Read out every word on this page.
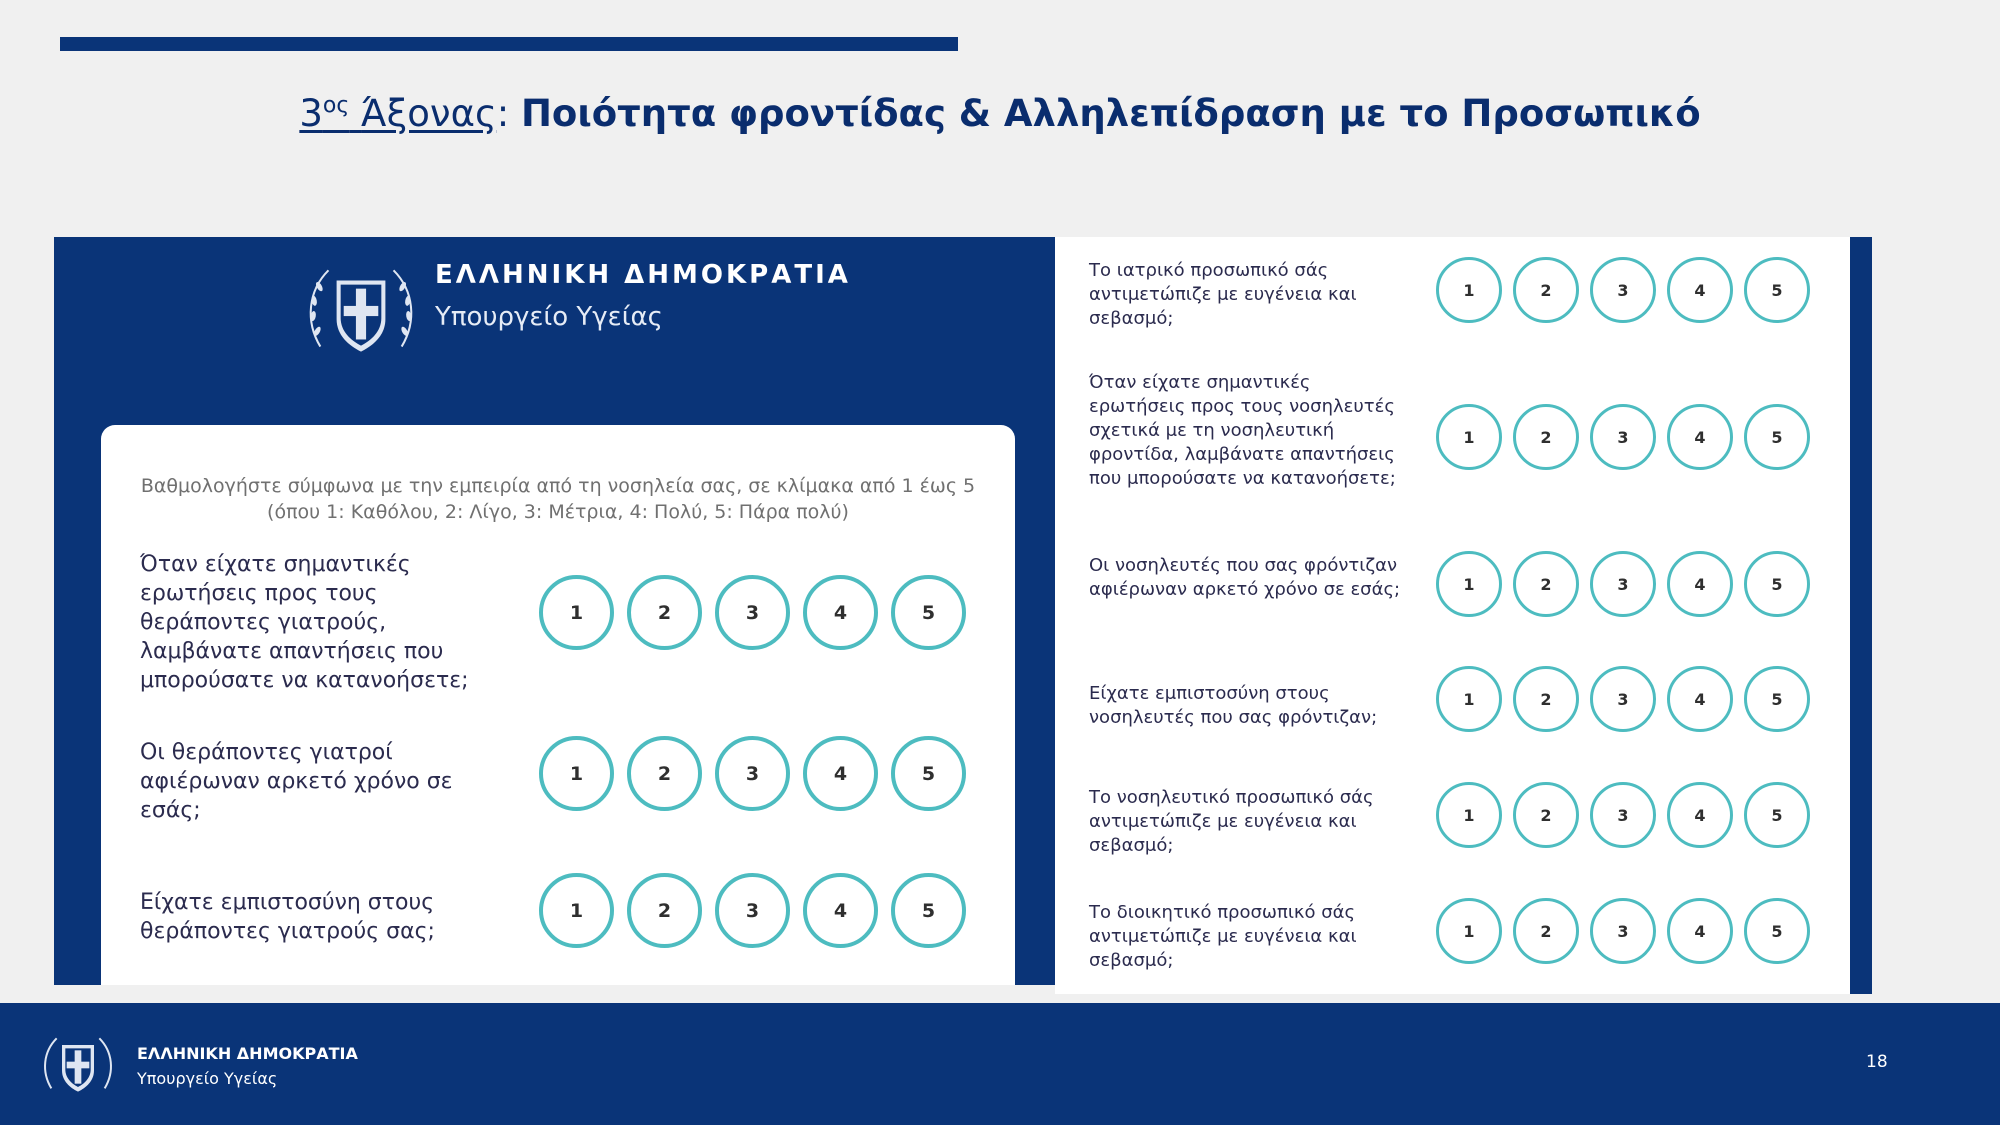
$3^{o\varsigma}$ Άξονας: Ποιότητα φροντίδας & Αλληλεπίδραση με το Προσωπικό
ΕΛΛΗΝΙΚΗ ΔΗΜΟΚΡΑΤΙΑ
Υπουργείο Υγείας
Βαθμολογήστε σύμφωνα με την εμπειρία από τη νοσηλεία σας, σε κλίμακα από 1 έως 5
(όπου 1: Καθόλου, 2: Λίγο, 3: Μέτρια, 4: Πολύ, 5: Πάρα πολύ)
Όταν είχατε σημαντικές ερωτήσεις προς τους θεράποντες γιατρούς, λαμβάνατε απαντήσεις που μπορούσατε να κατανοήσετε;
1	2	3	4	5
Οι θεράποντες γιατροί αφιέρωναν αρκετό χρόνο σε εσάς;
1	2	3	4	5
Είχατε εμπιστοσύνη στους θεράποντες γιατρούς σας;
1	2	3	4	5
Το ιατρικό προσωπικό σάς αντιμετώπιζε με ευγένεια και σεβασμό;
1	2	3	4	5
Όταν είχατε σημαντικές ερωτήσεις προς τους νοσηλευτές σχετικά με τη νοσηλευτική φροντίδα, λαμβάνατε απαντήσεις που μπορούσατε να κατανοήσετε;
1	2	3	4	5
Οι νοσηλευτές που σας φρόντιζαν αφιέρωναν αρκετό χρόνο σε εσάς;	1	2	3	4	5
Είχατε εμπιστοσύνη στους νοσηλευτές που σας φρόντιζαν;
1	2	3	4	5
Το νοσηλευτικό προσωπικό σάς αντιμετώπιζε με ευγένεια και σεβασμό;
1	2	3	4	5
Το διοικητικό προσωπικό σάς αντιμετώπιζε με ευγένεια και σεβασμό;
1	2	3	4	5
ΕΛΛΗΝΙΚΗ ΔΗΜΟΚΡΑΤΙΑ
Υπουργείο Υγείας
18
